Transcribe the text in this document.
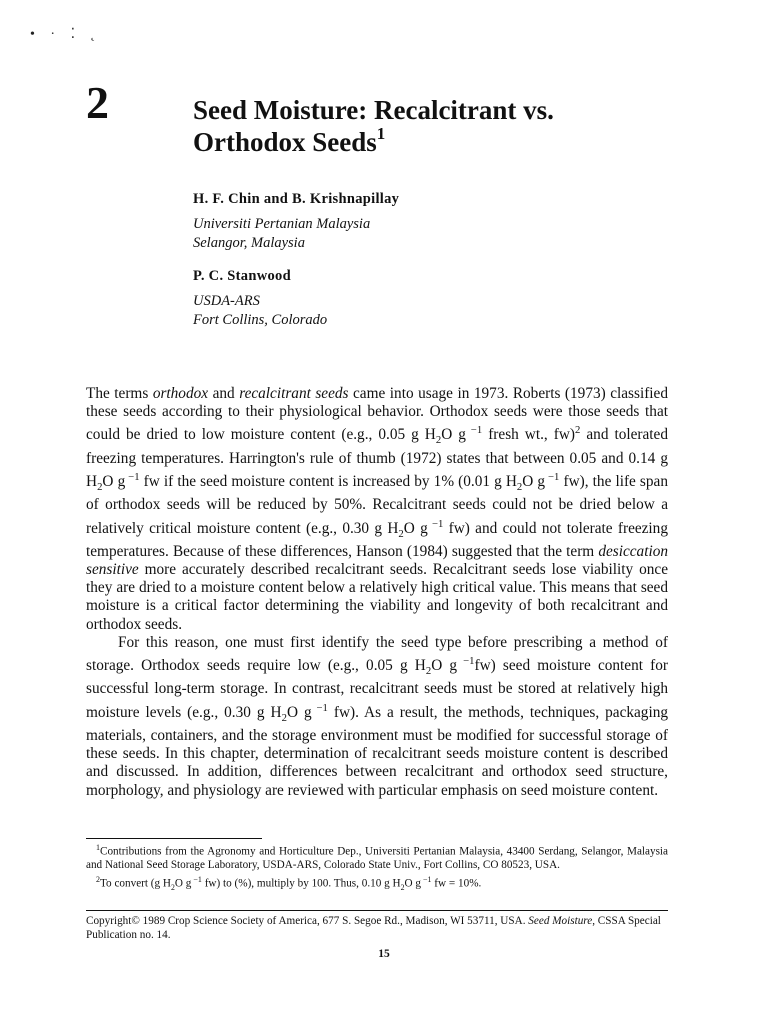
• · ⁚ ˛
2	Seed Moisture: Recalcitrant vs.
Orthodox Seeds$^1$
H. F. Chin and B. Krishnapillay
Universiti Pertanian Malaysia
Selangor, Malaysia
P. C. Stanwood
USDA-ARS
Fort Collins, Colorado

The terms orthodox and recalcitrant seeds came into usage in 1973. Roberts (1973) classified these seeds according to their physiological behavior. Orthodox seeds were those seeds that could be dried to low moisture content (e.g., 0.05 g $H_2O$ g $^{-1}$ fresh wt., fw)$^2$ and tolerated freezing temperatures. Harrington's rule of thumb (1972) states that between 0.05 and 0.14 g $H_2O$ g $^{-1}$ fw if the seed moisture content is increased by 1% (0.01 g $H_2O$ g $^{-1}$ fw), the life span of orthodox seeds will be reduced by 50%. Recalcitrant seeds could not be dried below a relatively critical moisture content (e.g., 0.30 g $H_2O$ g $^{-1}$ fw) and could not tolerate freezing temperatures. Because of these differences, Hanson (1984) suggested that the term desiccation sensitive more accurately described recalcitrant seeds. Recalcitrant seeds lose viability once they are dried to a moisture content below a relatively high critical value. This means that seed moisture is a critical factor determining the viability and longevity of both recalcitrant and orthodox seeds.

For this reason, one must first identify the seed type before prescribing a method of storage. Orthodox seeds require low (e.g., 0.05 g $H_2O$ g $^{-1}$fw) seed moisture content for successful long-term storage. In contrast, recalcitrant seeds must be stored at relatively high moisture levels (e.g., 0.30 g $H_2O$ g $^{-1}$ fw). As a result, the methods, techniques, packaging materials, containers, and the storage environment must be modified for successful storage of these seeds. In this chapter, determination of recalcitrant seeds moisture content is described and discussed. In addition, differences between recalcitrant and orthodox seed structure, morphology, and physiology are reviewed with particular emphasis on seed moisture content.

$^1$Contributions from the Agronomy and Horticulture Dep., Universiti Pertanian Malaysia, 43400 Serdang, Selangor, Malaysia and National Seed Storage Laboratory, USDA-ARS, Colorado State Univ., Fort Collins, CO 80523, USA.

$^2$To convert (g $H_2O$ g $^{-1}$ fw) to (%), multiply by 100. Thus, 0.10 g $H_2O$ g $^{-1}$ fw = 10%.

Copyright© 1989 Crop Science Society of America, 677 S. Segoe Rd., Madison, WI 53711, USA. Seed Moisture, CSSA Special Publication no. 14.
15
